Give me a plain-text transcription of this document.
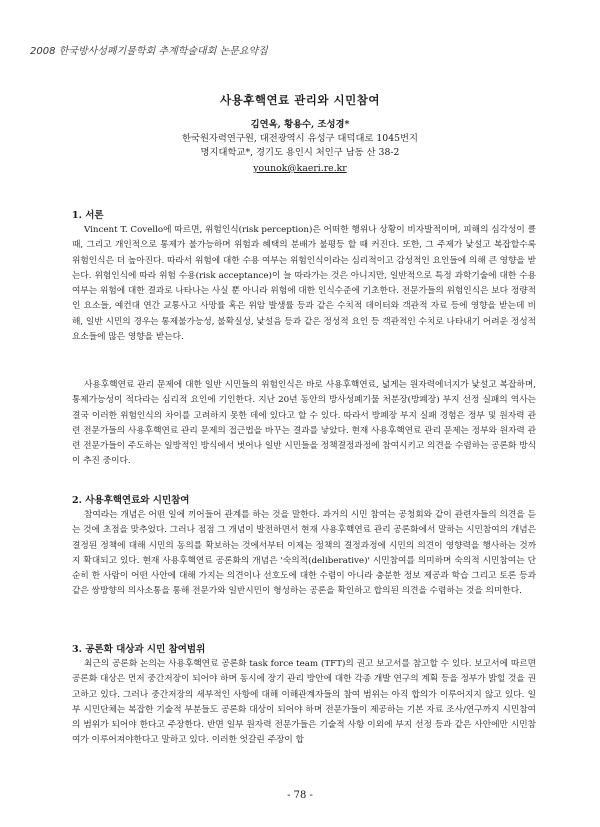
2008 한국방사성폐기물학회 추계학술대회 논문요약집
사용후핵연료 관리와 시민참여
김연옥, 황용수, 조성경*
한국원자력연구원, 대전광역시 유성구 대덕대로 1045번지
명지대학교*, 경기도 용인시 처인구 남동 산 38-2
younok@kaeri.re.kr
1. 서론

Vincent T. Covello에 따르면, 위험인식(risk perception)은 어떠한 행위나 상황이 비자발적이며, 피해의 심각성이 클 때, 그리고 개인적으로 통제가 불가능하며 위험과 혜택의 분배가 불평등 할 때 커진다. 또한, 그 주제가 낯설고 복잡할수록 위험인식은 더 높아진다. 따라서 위험에 대한 수용 여부는 위험인식이라는 심리적이고 감성적인 요인들에 의해 큰 영향을 받는다. 위험인식에 따라 위험 수용(risk acceptance)이 늘 따라가는 것은 아니지만, 일반적으로 특정 과학기술에 대한 수용 여부는 위험에 대한 결과로 나타나는 사실 뿐 아니라 위험에 대한 인식수준에 기초한다. 전문가들의 위험인식은 보다 정량적인 요소들, 예컨대 연간 교통사고 사망률 혹은 위암 발생률 등과 같은 수치적 데이터와 객관적 자료 등에 영향을 받는데 비해, 일반 시민의 경우는 통제불가능성, 불확실성, 낯설음 등과 같은 정성적 요인 등 객관적인 수치로 나타내기 어려운 정성적 요소들에 많은 영향을 받는다.

사용후핵연료 관리 문제에 대한 일반 시민들의 위험인식은 바로 사용후핵연료, 넓게는 원자력에너지가 낯설고 복잡하며, 통제가능성이 적다라는 심리적 요인에 기인한다. 지난 20년 동안의 방사성폐기물 처분장(방폐장) 부지 선정 실패의 역사는 결국 이러한 위험인식의 차이를 고려하지 못한 데에 있다고 할 수 있다. 따라서 방폐장 부지 실패 경험은 정부 및 원자력 관련 전문가들의 사용후핵연료 관리 문제의 접근법을 바꾸는 결과를 낳았다. 현재 사용후핵연료 관리 문제는 정부와 원자력 관련 전문가들이 주도하는 일방적인 방식에서 벗어나 일반 시민들을 정책결정과정에 참여시키고 의견을 수렴하는 공론화 방식이 추진 중이다.

2. 사용후핵연료와 시민참여

참여라는 개념은 어떤 일에 끼어들어 관계를 하는 것을 말한다. 과거의 시민 참여는 공청회와 같이 관련자들의 의견을 듣는 것에 초점을 맞추었다. 그러나 점점 그 개념이 발전하면서 현재 사용후핵연료 관리 공론화에서 말하는 시민참여의 개념은 결정된 정책에 대해 시민의 동의를 확보하는 것에서부터 이제는 정책의 결정과정에 시민의 의견이 영향력을 행사하는 것까지 확대되고 있다. 현재 사용후핵연료 공론화의 개념은 '숙의적(deliberative)' 시민참여를 의미하며 숙의적 시민참여는 단순히 한 사람이 어떤 사안에 대해 가지는 의견이나 선호도에 대한 수렴이 아니라 충분한 정보 제공과 학습 그리고 토론 등과 같은 쌍방향의 의사소통을 통해 전문가와 일반시민이 형성하는 공론을 확인하고 합의된 의견을 수렴하는 것을 의미한다.

3. 공론화 대상과 시민 참여범위

최근의 공론화 논의는 사용후핵연료 공론화 task force team (TFT)의 권고 보고서를 참고할 수 있다. 보고서에 따르면 공론화 대상은 먼저 중간저장이 되어야 하며 동시에 장기 관리 방안에 대한 각종 개발 연구의 계획 등을 정부가 밝힐 것을 권고하고 있다. 그러나 중간저장의 세부적인 사항에 대해 이해관계자들의 참여 범위는 아직 합의가 이루어지지 않고 있다. 일부 시민단체는 복잡한 기술적 부분들도 공론화 대상이 되어야 하며 전문가들이 제공하는 기본 자료 조사/연구까지 시민참여의 범위가 되어야 한다고 주장한다. 반면 일부 원자력 전문가들은 기술적 사항 이외에 부지 선정 등과 같은 사안에만 시민참여가 이루어져야한다고 말하고 있다. 이러한 엇갈린 주장이 합

- 78 -
